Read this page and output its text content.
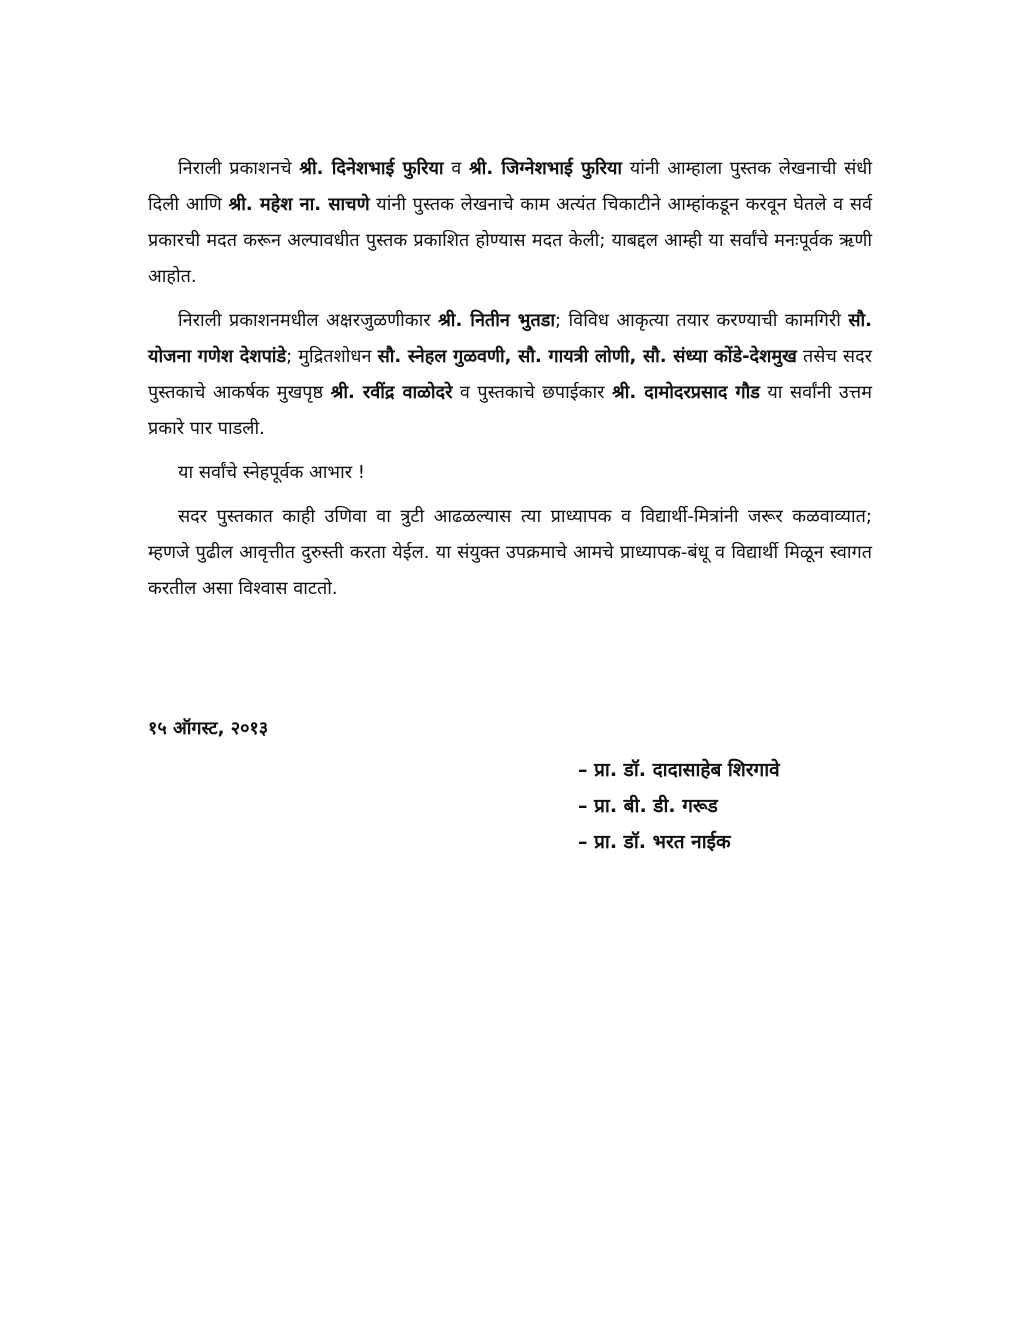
निराली प्रकाशनचे श्री. दिनेशभाई फुरिया व श्री. जिग्नेशभाई फुरिया यांनी आम्हाला पुस्तक लेखनाची संधी दिली आणि श्री. महेश ना. साचणे यांनी पुस्तक लेखनाचे काम अत्यंत चिकाटीने आम्हांकडून करवून घेतले व सर्व प्रकारची मदत करून अल्पावधीत पुस्तक प्रकाशित होण्यास मदत केली; याबद्दल आम्ही या सर्वांचे मनःपूर्वक ऋणी आहोत.

निराली प्रकाशनमधील अक्षरजुळणीकार श्री. नितीन भुतडा; विविध आकृत्या तयार करण्याची कामगिरी सौ. योजना गणेश देशपांडे; मुद्रितशोधन सौ. स्नेहल गुळवणी, सौ. गायत्री लोणी, सौ. संध्या कोंडे-देशमुख तसेच सदर पुस्तकाचे आकर्षक मुखपृष्ठ श्री. रवींद्र वाळोदरे व पुस्तकाचे छपाईकार श्री. दामोदरप्रसाद गौड या सर्वांनी उत्तम प्रकारे पार पाडली.

या सर्वांचे स्नेहपूर्वक आभार !

सदर पुस्तकात काही उणिवा वा त्रुटी आढळल्यास त्या प्राध्यापक व विद्यार्थी-मित्रांनी जरूर कळवाव्यात; म्हणजे पुढील आवृत्तीत दुरुस्ती करता येईल. या संयुक्त उपक्रमाचे आमचे प्राध्यापक-बंधू व विद्यार्थी मिळून स्वागत करतील असा विश्वास वाटतो.

१५ ऑगस्ट, २०१३
– प्रा. डॉ. दादासाहेब शिरगावे
– प्रा. बी. डी. गरूड
– प्रा. डॉ. भरत नाईक
